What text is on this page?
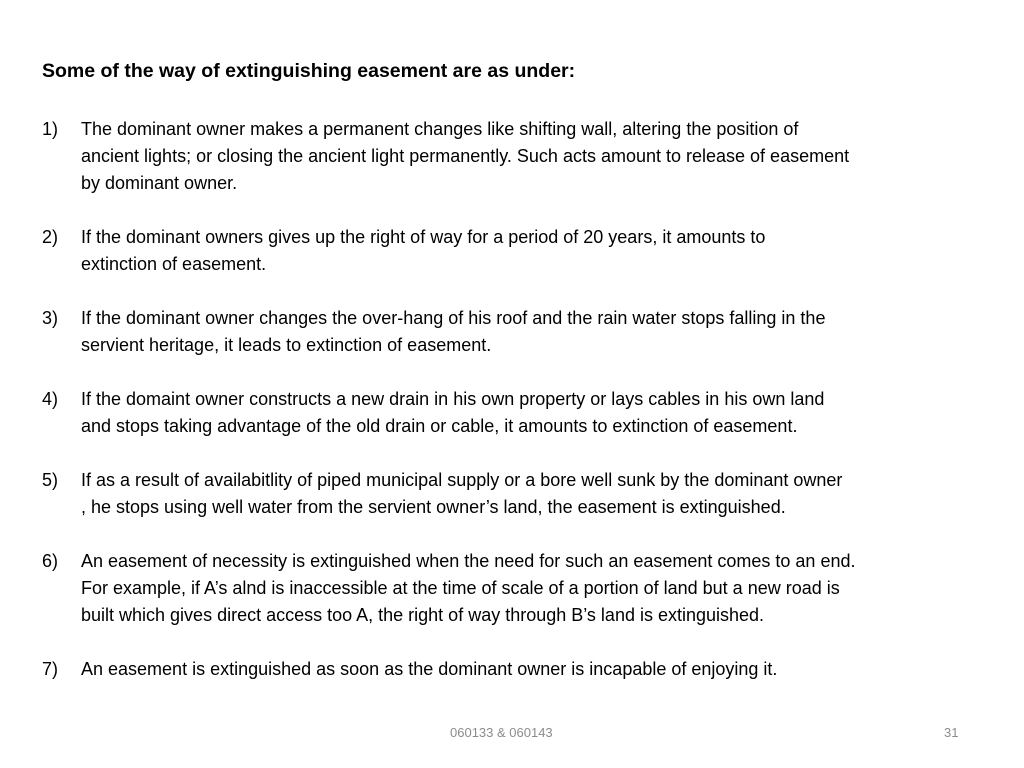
Some of the way of extinguishing easement are as under:
1) The dominant owner makes a permanent changes like shifting wall, altering the position of
ancient lights; or closing the ancient light permanently. Such acts amount to release of easement
by dominant owner.
2) If the dominant owners gives up the right of way for a period of 20 years, it amounts to
extinction of easement.
3) If the dominant owner changes the over-hang of his roof and the rain water stops falling in the
servient heritage, it leads to extinction of easement.
4) If the domaint owner constructs a new drain in his own property or lays cables in his own land
and stops taking advantage of the old drain or cable, it amounts to extinction of easement.
5) If as a result of availabitlity of piped municipal supply or a bore well sunk by the dominant owner
, he stops using well water from the servient owner’s land, the easement is extinguished.
6) An easement of necessity is extinguished when the need for such an easement comes to an end.
For example, if A’s alnd is inaccessible at the time of scale of a portion of land but a new road is
built which gives direct access too A, the right of way through B’s land is extinguished.
7) An easement is extinguished as soon as the dominant owner is incapable of enjoying it.
060133 & 060143	31
